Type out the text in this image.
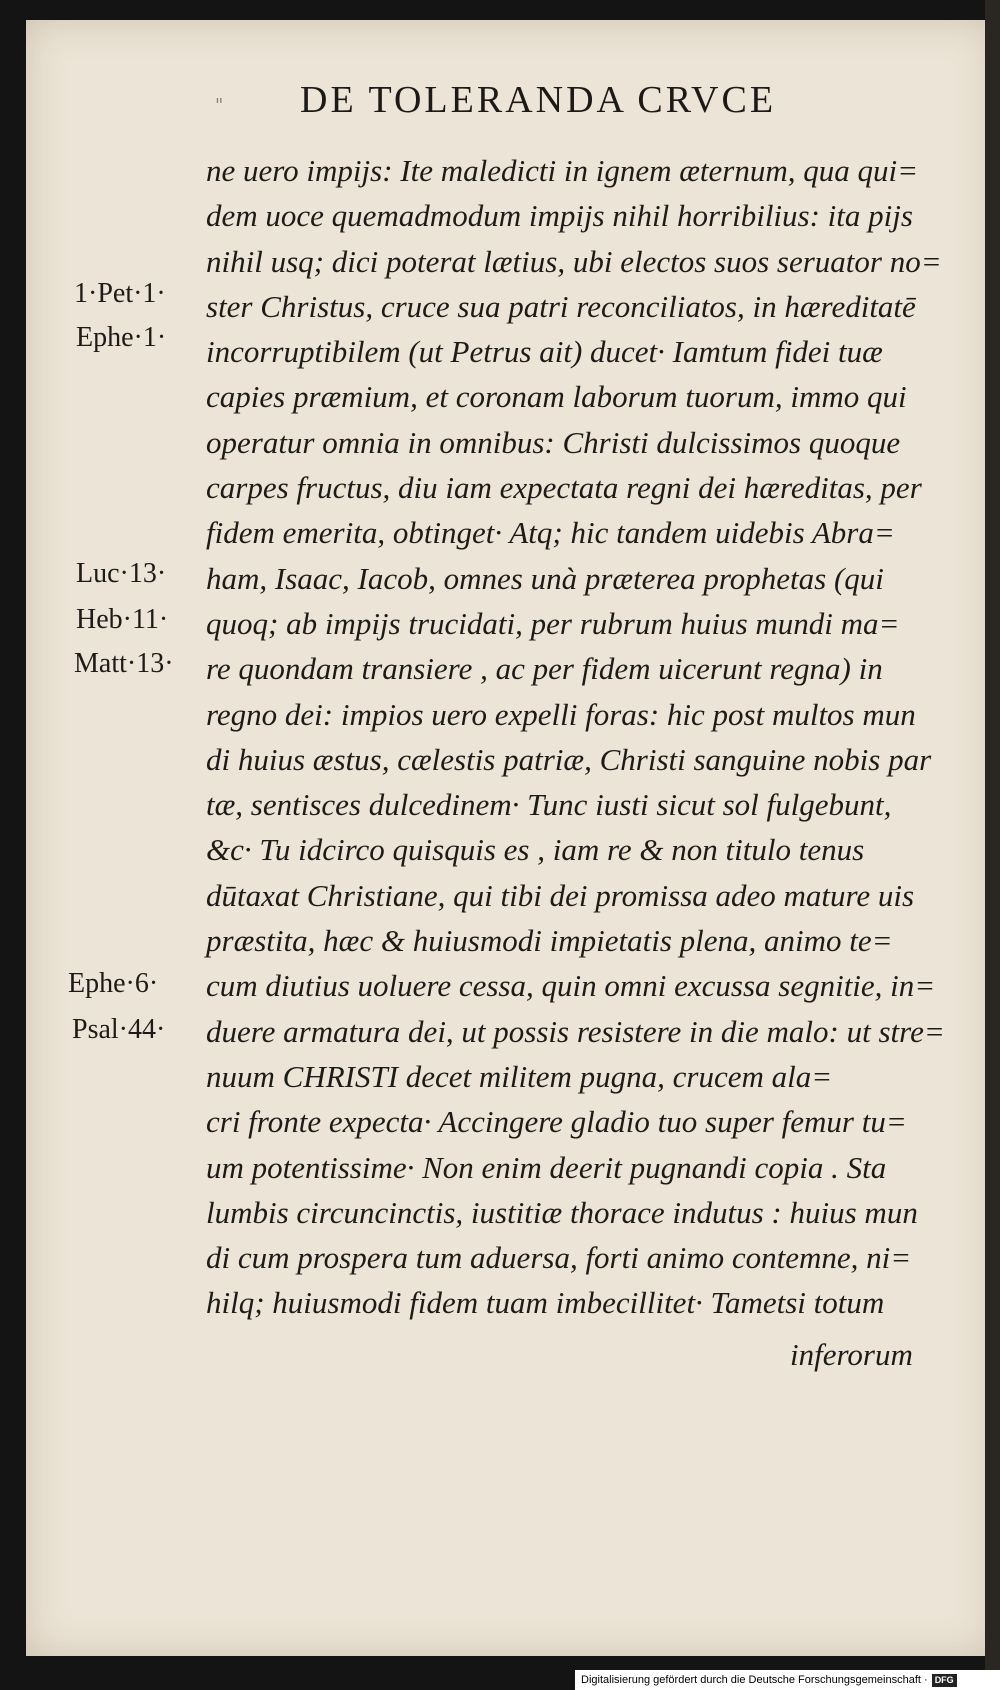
" DE TOLERANDA CRVCE
ne uero impijs: Ite maledicti in ignem æternum, qua qui=
dem uoce quemadmodum impijs nihil horribilius: ita pijs
nihil usq; dici poterat lætius, ubi electos suos seruator no=
ster Christus, cruce sua patri reconciliatos, in hæreditatē
incorruptibilem (ut Petrus ait) ducet· Iamtum fidei tuæ
capies præmium, et coronam laborum tuorum, immo qui
operatur omnia in omnibus: Christi dulcissimos quoque
carpes fructus, diu iam expectata regni dei hæreditas, per
fidem emerita, obtinget· Atq; hic tandem uidebis Abra=
ham, Isaac, Iacob, omnes unà præterea prophetas (qui
quoq; ab impijs trucidati, per rubrum huius mundi ma=
re quondam transiere , ac per fidem uicerunt regna) in
regno dei: impios uero expelli foras: hic post multos mun
di huius æstus, cælestis patriæ, Christi sanguine nobis par
tæ, sentisces dulcedinem· Tunc iusti sicut sol fulgebunt,
&c· Tu idcirco quisquis es , iam re & non titulo tenus
dūtaxat Christiane, qui tibi dei promissa adeo mature uis
præstita, hæc & huiusmodi impietatis plena, animo te=
cum diutius uoluere cessa, quin omni excussa segnitie, in=
duere armatura dei, ut possis resistere in die malo: ut stre=
nuum CHRISTI decet militem pugna, crucem ala=
cri fronte expecta· Accingere gladio tuo super femur tu=
um potentissime· Non enim deerit pugnandi copia . Sta
lumbis circuncinctis, iustitiæ thorace indutus : huius mun
di cum prospera tum aduersa, forti animo contemne, ni=
hilq; huiusmodi fidem tuam imbecillitet· Tametsi totum
inferorum
1·Pet·1·
Ephe·1·
Luc·13·
Heb·11·
Matt·13·
Ephe·6·
Psal·44·
Digitalisierung gefördert durch die Deutsche Forschungsgemeinschaft · DFG
